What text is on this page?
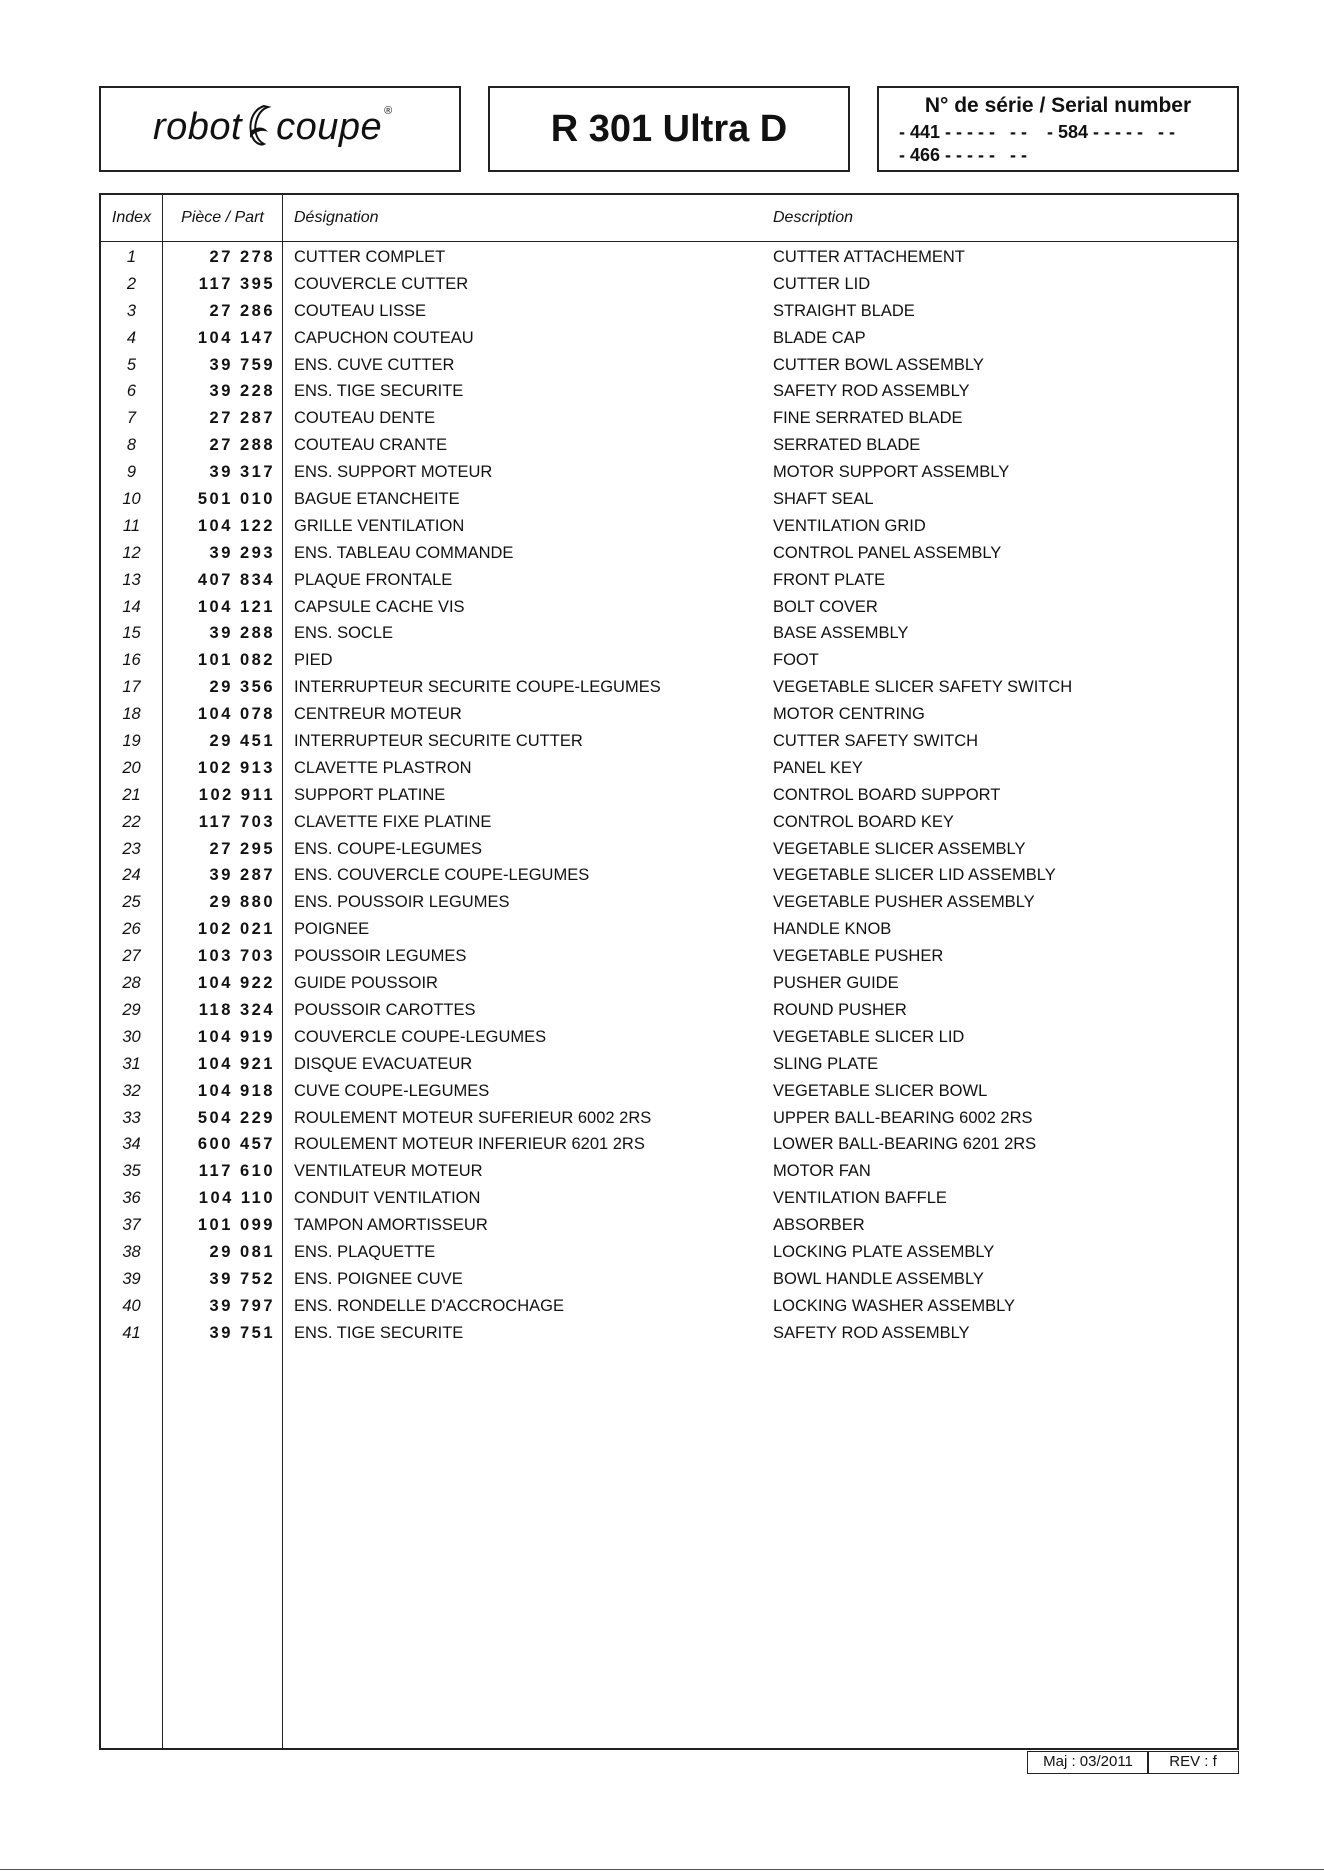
robot coupe ®	R 301 Ultra D
N° de série / Serial number
- 441 - - - - -   - -    - 584 - - - - -   - -
- 466 - - - - -   - -
Index	Pièce / Part	Désignation	Description
1	27 278 CUTTER COMPLET	CUTTER ATTACHEMENT
2	117 395 COUVERCLE CUTTER	CUTTER LID
3	27 286 COUTEAU LISSE	STRAIGHT BLADE
4	104 147 CAPUCHON COUTEAU	BLADE CAP
5	39 759 ENS. CUVE CUTTER	CUTTER BOWL ASSEMBLY
6	39 228 ENS. TIGE SECURITE	SAFETY ROD ASSEMBLY
7	27 287 COUTEAU DENTE	FINE SERRATED BLADE
8	27 288 COUTEAU CRANTE	SERRATED BLADE
9	39 317 ENS. SUPPORT MOTEUR	MOTOR SUPPORT ASSEMBLY
10	501 010 BAGUE ETANCHEITE	SHAFT SEAL
11	104 122 GRILLE VENTILATION	VENTILATION GRID
12	39 293 ENS. TABLEAU COMMANDE	CONTROL PANEL ASSEMBLY
13	407 834 PLAQUE FRONTALE	FRONT PLATE
14	104 121 CAPSULE CACHE VIS	BOLT COVER
15	39 288 ENS. SOCLE	BASE ASSEMBLY
16	101 082 PIED	FOOT
17	29 356 INTERRUPTEUR SECURITE COUPE-LEGUMES	VEGETABLE SLICER SAFETY SWITCH
18	104 078 CENTREUR MOTEUR	MOTOR CENTRING
19	29 451 INTERRUPTEUR SECURITE CUTTER	CUTTER SAFETY SWITCH
20	102 913 CLAVETTE PLASTRON	PANEL KEY
21	102 911 SUPPORT PLATINE	CONTROL BOARD SUPPORT
22	117 703 CLAVETTE FIXE PLATINE	CONTROL BOARD KEY
23	27 295 ENS. COUPE-LEGUMES	VEGETABLE SLICER ASSEMBLY
24	39 287 ENS. COUVERCLE COUPE-LEGUMES	VEGETABLE SLICER LID ASSEMBLY
25	29 880 ENS. POUSSOIR LEGUMES	VEGETABLE PUSHER ASSEMBLY
26	102 021 POIGNEE	HANDLE KNOB
27	103 703 POUSSOIR LEGUMES	VEGETABLE PUSHER
28	104 922 GUIDE POUSSOIR	PUSHER GUIDE
29	118 324 POUSSOIR CAROTTES	ROUND PUSHER
30	104 919 COUVERCLE COUPE-LEGUMES	VEGETABLE SLICER LID
31	104 921 DISQUE EVACUATEUR	SLING PLATE
32	104 918 CUVE COUPE-LEGUMES	VEGETABLE SLICER BOWL
33	504 229 ROULEMENT MOTEUR SUFERIEUR 6002 2RS	UPPER BALL-BEARING 6002 2RS
34	600 457 ROULEMENT MOTEUR INFERIEUR 6201 2RS	LOWER BALL-BEARING 6201 2RS
35	117 610 VENTILATEUR MOTEUR	MOTOR FAN
36	104 110 CONDUIT VENTILATION	VENTILATION BAFFLE
37	101 099 TAMPON AMORTISSEUR	ABSORBER
38	29 081 ENS. PLAQUETTE	LOCKING PLATE ASSEMBLY
39	39 752 ENS. POIGNEE CUVE	BOWL HANDLE ASSEMBLY
40	39 797 ENS. RONDELLE D'ACCROCHAGE	LOCKING WASHER ASSEMBLY
41	39 751 ENS. TIGE SECURITE	SAFETY ROD ASSEMBLY
Maj : 03/2011	REV : f
